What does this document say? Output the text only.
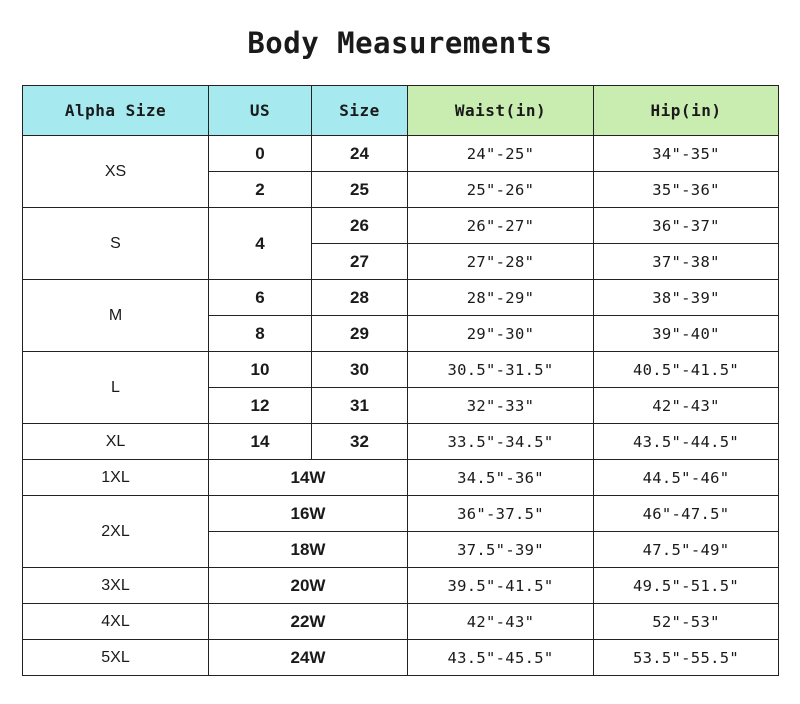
Body Measurements
Alpha Size	US	Size	Waist(in)	Hip(in)
XS	0	24	24"-25"	34"-35"
	2	25	25"-26"	35"-36"
S	4	26	26"-27"	36"-37"
		27	27"-28"	37"-38"
M	6	28	28"-29"	38"-39"
	8	29	29"-30"	39"-40"
L	10	30	30.5"-31.5"	40.5"-41.5"
	12	31	32"-33"	42"-43"
XL	14	32	33.5"-34.5"	43.5"-44.5"
1XL	14W		34.5"-36"	44.5"-46"
2XL	16W		36"-37.5"	46"-47.5"
	18W		37.5"-39"	47.5"-49"
3XL	20W		39.5"-41.5"	49.5"-51.5"
4XL	22W		42"-43"	52"-53"
5XL	24W		43.5"-45.5"	53.5"-55.5"
